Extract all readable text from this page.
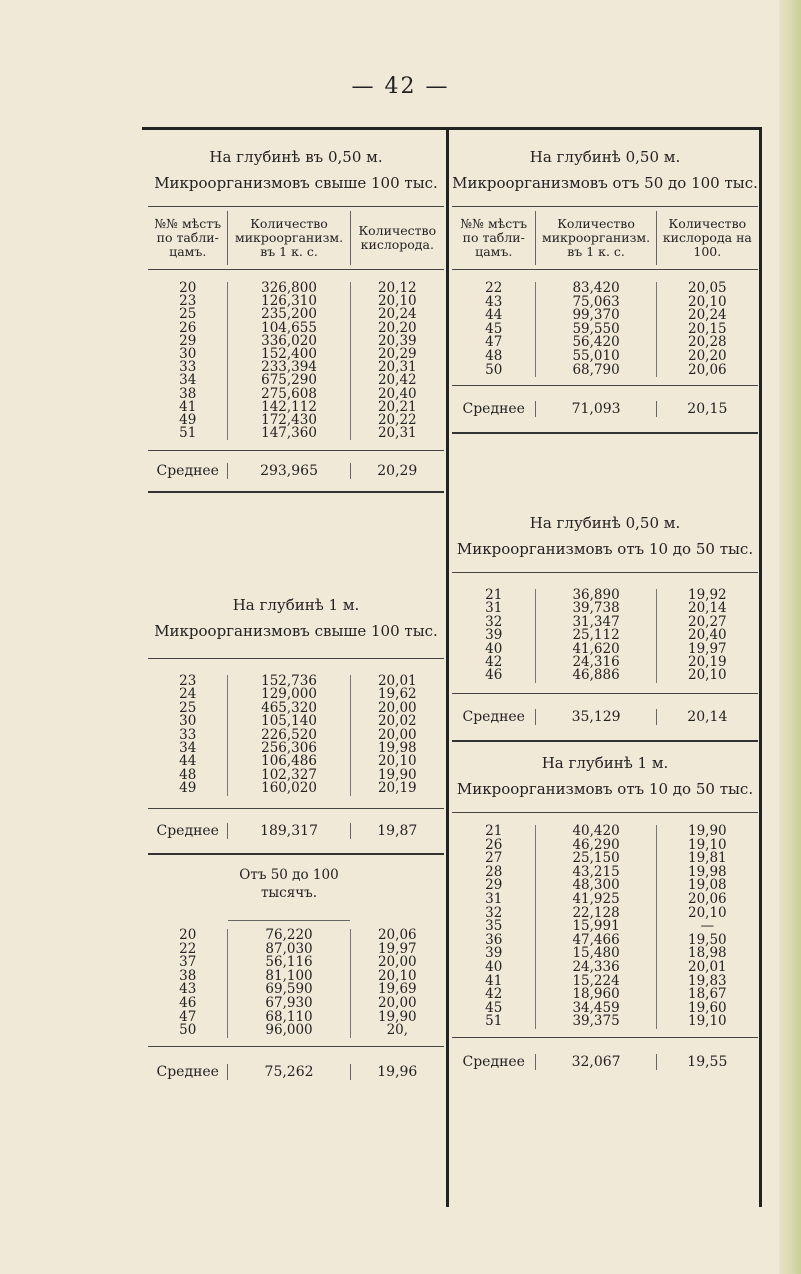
— 42 —
На глубинѣ въ 0,50 м.
Микроорганизмовъ свыше 100 тыс.
№№ мѣстъ по табли-цамъ.
Количество микроорганизм. въ 1 к. с.
Количество кислорода.
20	326,800	20,12
23	126,310	20,10
25	235,200	20,24
26	104,655	20,20
29	336,020	20,39
30	152,400	20,29
33	233,394	20,31
34	675,290	20,42
38	275,608	20,40
41	142,112	20,21
49	172,430	20,22
51	147,360	20,31
Среднее	293,965	20,29
На глубинѣ 1 м.
Микроорганизмовъ свыше 100 тыс.
23	152,736	20,01
24	129,000	19,62
25	465,320	20,00
30	105,140	20,02
33	226,520	20,00
34	256,306	19,98
44	106,486	20,10
48	102,327	19,90
49	160,020	20,19
Среднее	189,317	19,87
Отъ 50 до 100 тысячъ.
20	76,220	20,06
22	87,030	19,97
37	56,116	20,00
38	81,100	20,10
43	69,590	19,69
46	67,930	20,00
47	68,110	19,90
50	96,000	20,
Среднее	75,262	19,96
На глубинѣ 0,50 м.
Микроорганизмовъ отъ 50 до 100 тыс.
№№ мѣстъ по табли-цамъ.
Количество микроорганизм. въ 1 к. с.
Количество кислорода на 100.
22	83,420	20,05
43	75,063	20,10
44	99,370	20,24
45	59,550	20,15
47	56,420	20,28
48	55,010	20,20
50	68,790	20,06
Среднее	71,093	20,15
На глубинѣ 0,50 м.
Микроорганизмовъ отъ 10 до 50 тыс.
21	36,890	19,92
31	39,738	20,14
32	31,347	20,27
39	25,112	20,40
40	41,620	19,97
42	24,316	20,19
46	46,886	20,10
Среднее	35,129	20,14
На глубинѣ 1 м.
Микроорганизмовъ отъ 10 до 50 тыс.
21	40,420	19,90
26	46,290	19,10
27	25,150	19,81
28	43,215	19,98
29	48,300	19,08
31	41,925	20,06
32	22,128	20,10
35	15,991	—
36	47,466	19,50
39	15,480	18,98
40	24,336	20,01
41	15,224	19,83
42	18,960	18,67
45	34,459	19,60
51	39,375	19,10
Среднее	32,067	19,55
